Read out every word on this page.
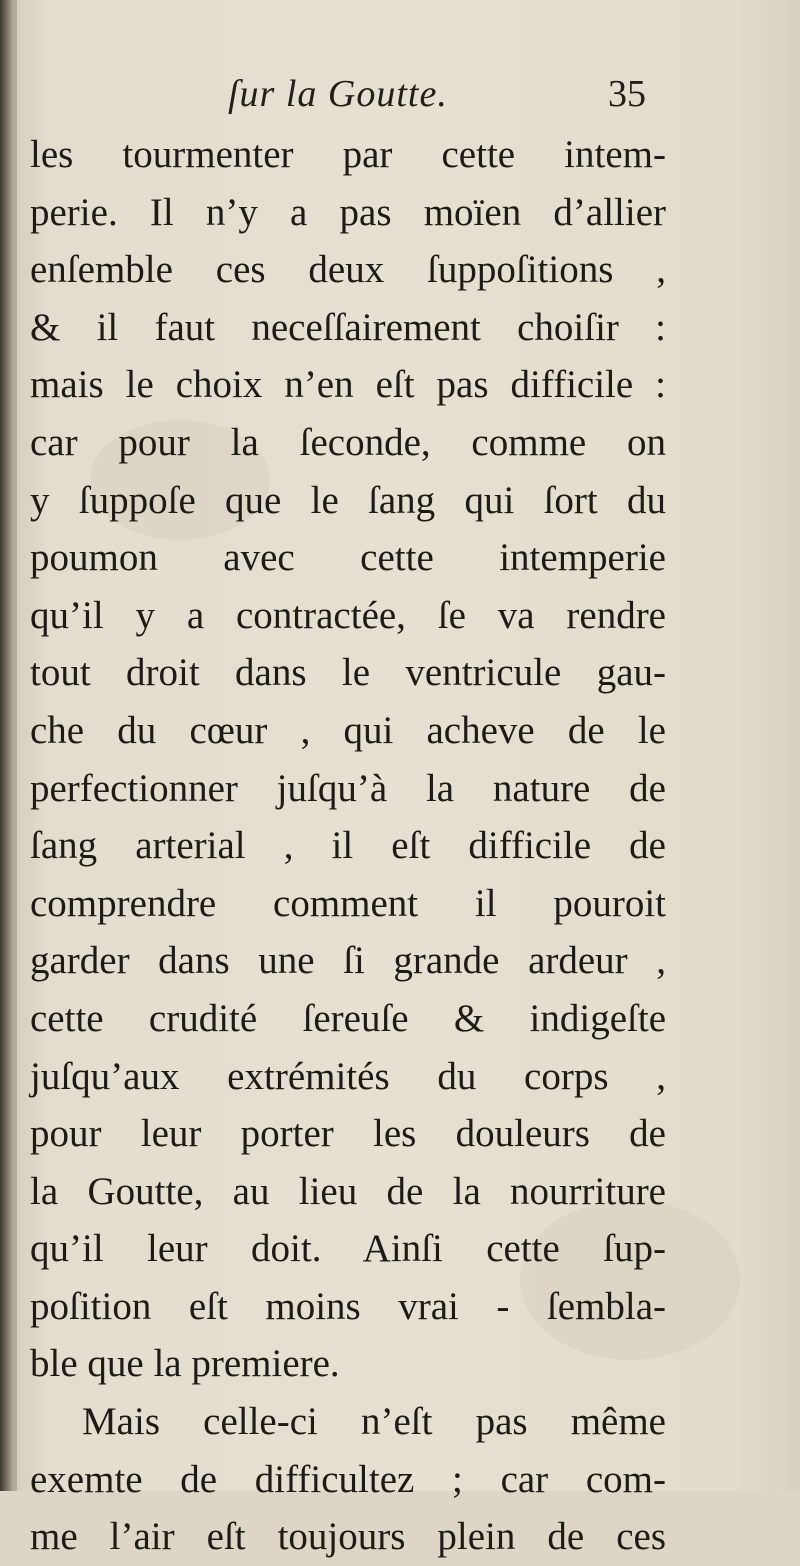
ſur la Goutte.	35
les tourmenter par cette intem-
perie. Il n’y a pas moïen d’allier
enſemble ces deux ſuppoſitions ,
& il faut neceſſairement choiſir :
mais le choix n’en eſt pas difficile :
car pour la ſeconde, comme on
y ſuppoſe que le ſang qui ſort du
poumon avec cette intemperie
qu’il y a contractée, ſe va rendre
tout droit dans le ventricule gau-
che du cœur , qui acheve de le
perfectionner juſqu’à la nature de
ſang arterial , il eſt difficile de
comprendre comment il pouroit
garder dans une ſi grande ardeur ,
cette crudité ſereuſe & indigeſte
juſqu’aux extrémités du corps ,
pour leur porter les douleurs de
la Goutte, au lieu de la nourriture
qu’il leur doit. Ainſi cette ſup-
poſition eſt moins vrai - ſembla-
ble que la premiere.
Mais celle-ci n’eſt pas même
exemte de difficultez ; car com-
me l’air eſt toujours plein de ces
